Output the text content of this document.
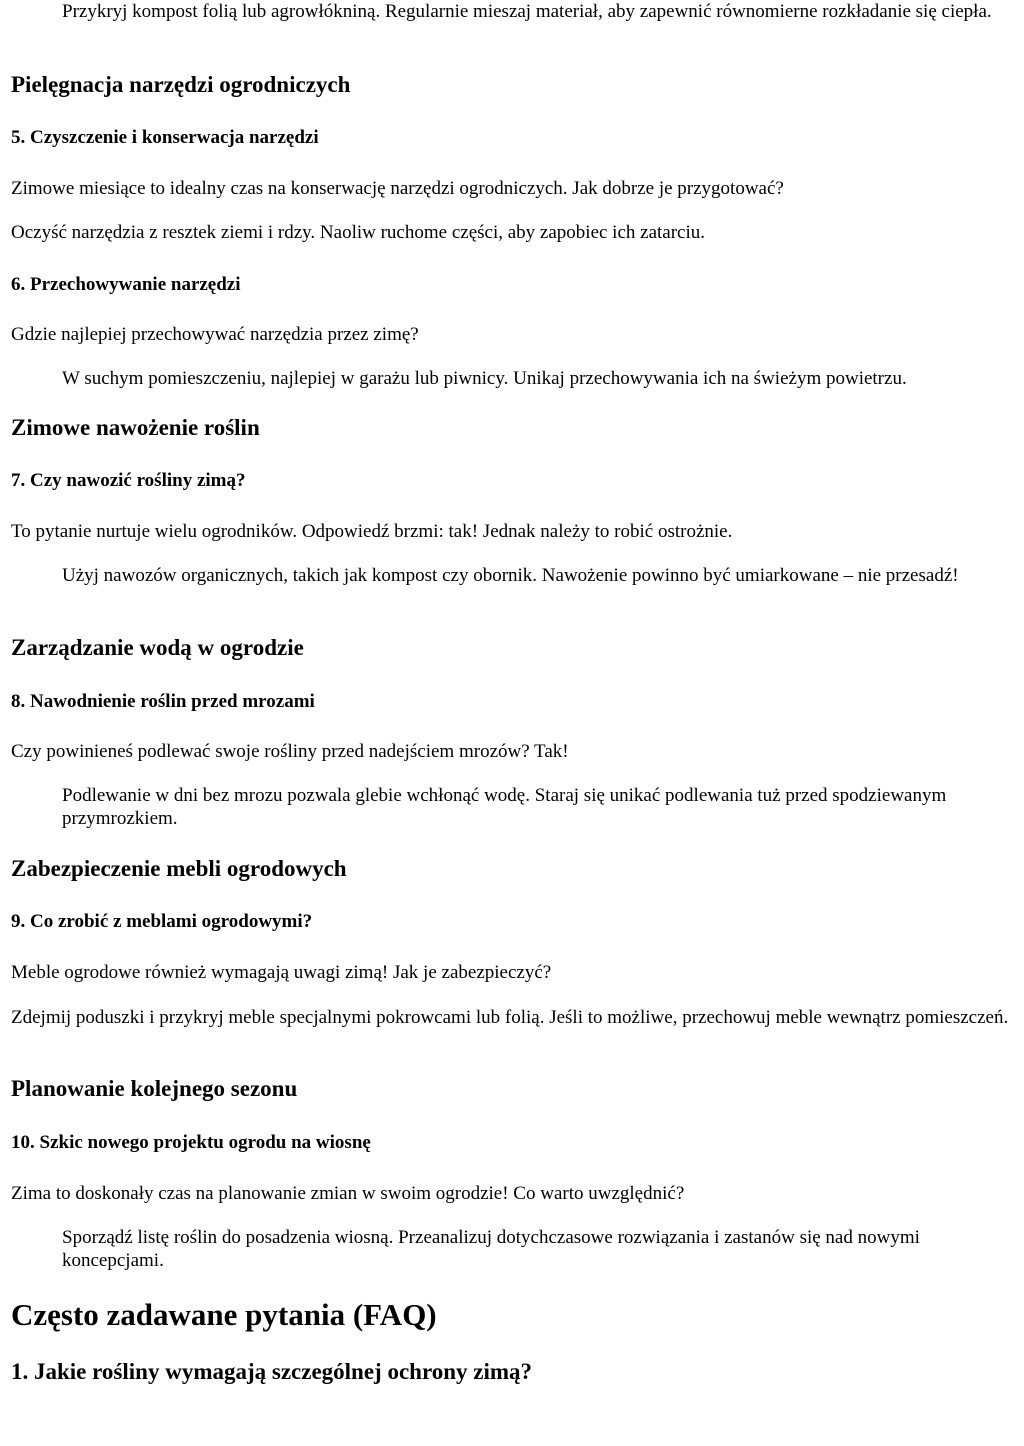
Przykryj kompost folią lub agrowłókniną. Regularnie mieszaj materiał, aby zapewnić równomierne rozkładanie się ciepła.

Pielęgnacja narzędzi ogrodniczych
5. Czyszczenie i konserwacja narzędzi

Zimowe miesiące to idealny czas na konserwację narzędzi ogrodniczych. Jak dobrze je przygotować?

Oczyść narzędzia z resztek ziemi i rdzy. Naoliw ruchome części, aby zapobiec ich zatarciu.

6. Przechowywanie narzędzi

Gdzie najlepiej przechowywać narzędzia przez zimę?

W suchym pomieszczeniu, najlepiej w garażu lub piwnicy. Unikaj przechowywania ich na świeżym powietrzu.

Zimowe nawożenie roślin
7. Czy nawozić rośliny zimą?

To pytanie nurtuje wielu ogrodników. Odpowiedź brzmi: tak! Jednak należy to robić ostrożnie.

Użyj nawozów organicznych, takich jak kompost czy obornik. Nawożenie powinno być umiarkowane – nie przesadź!

Zarządzanie wodą w ogrodzie
8. Nawodnienie roślin przed mrozami

Czy powinieneś podlewać swoje rośliny przed nadejściem mrozów? Tak!

Podlewanie w dni bez mrozu pozwala glebie wchłonąć wodę. Staraj się unikać podlewania tuż przed spodziewanym przymrozkiem.

Zabezpieczenie mebli ogrodowych
9. Co zrobić z meblami ogrodowymi?

Meble ogrodowe również wymagają uwagi zimą! Jak je zabezpieczyć?

Zdejmij poduszki i przykryj meble specjalnymi pokrowcami lub folią. Jeśli to możliwe, przechowuj meble wewnątrz pomieszczeń.

Planowanie kolejnego sezonu
10. Szkic nowego projektu ogrodu na wiosnę

Zima to doskonały czas na planowanie zmian w swoim ogrodzie! Co warto uwzględnić?

Sporządź listę roślin do posadzenia wiosną. Przeanalizuj dotychczasowe rozwiązania i zastanów się nad nowymi koncepcjami.

Często zadawane pytania (FAQ)
1. Jakie rośliny wymagają szczególnej ochrony zimą?
